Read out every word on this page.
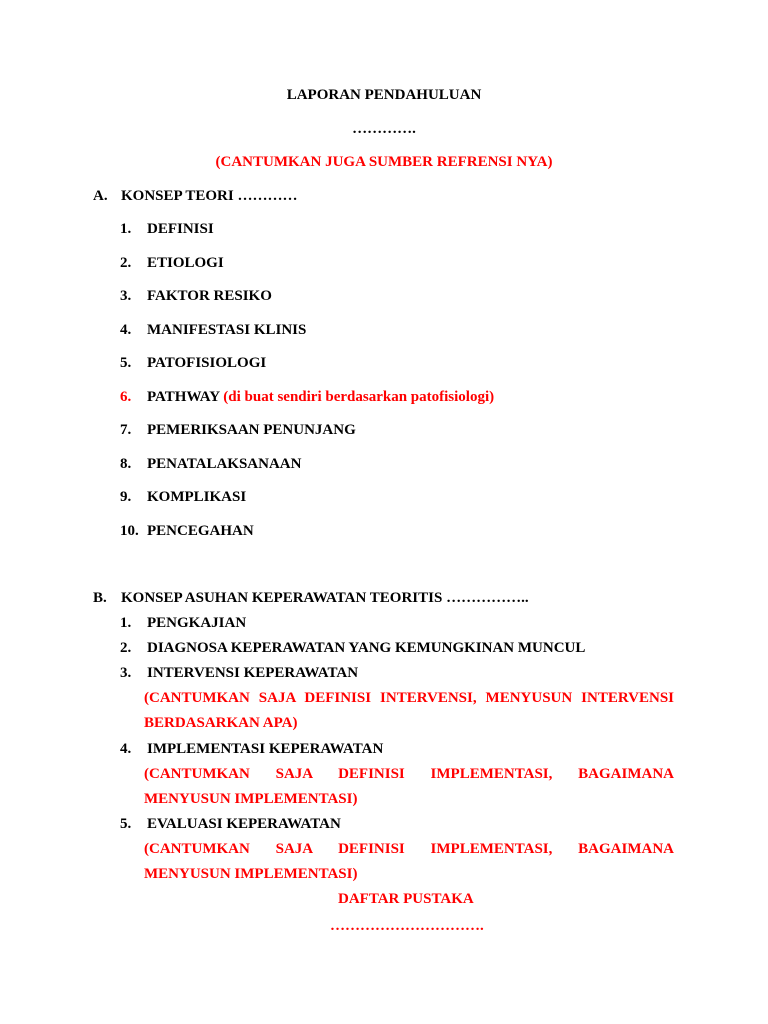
LAPORAN PENDAHULUAN
………….
(CANTUMKAN JUGA SUMBER REFRENSI NYA)
A. KONSEP TEORI …………
1. DEFINISI
2. ETIOLOGI
3. FAKTOR RESIKO
4. MANIFESTASI KLINIS
5. PATOFISIOLOGI
6. PATHWAY (di buat sendiri berdasarkan patofisiologi)
7. PEMERIKSAAN PENUNJANG
8. PENATALAKSANAAN
9. KOMPLIKASI
10. PENCEGAHAN
B. KONSEP ASUHAN KEPERAWATAN TEORITIS ……………..
1. PENGKAJIAN
2. DIAGNOSA KEPERAWATAN YANG KEMUNGKINAN MUNCUL
3. INTERVENSI KEPERAWATAN
(CANTUMKAN SAJA DEFINISI INTERVENSI, MENYUSUN INTERVENSI
BERDASARKAN APA)
4. IMPLEMENTASI KEPERAWATAN
(CANTUMKAN SAJA DEFINISI IMPLEMENTASI, BAGAIMANA
MENYUSUN IMPLEMENTASI)
5. EVALUASI KEPERAWATAN
(CANTUMKAN SAJA DEFINISI IMPLEMENTASI, BAGAIMANA
MENYUSUN IMPLEMENTASI)
DAFTAR PUSTAKA
………………………….
